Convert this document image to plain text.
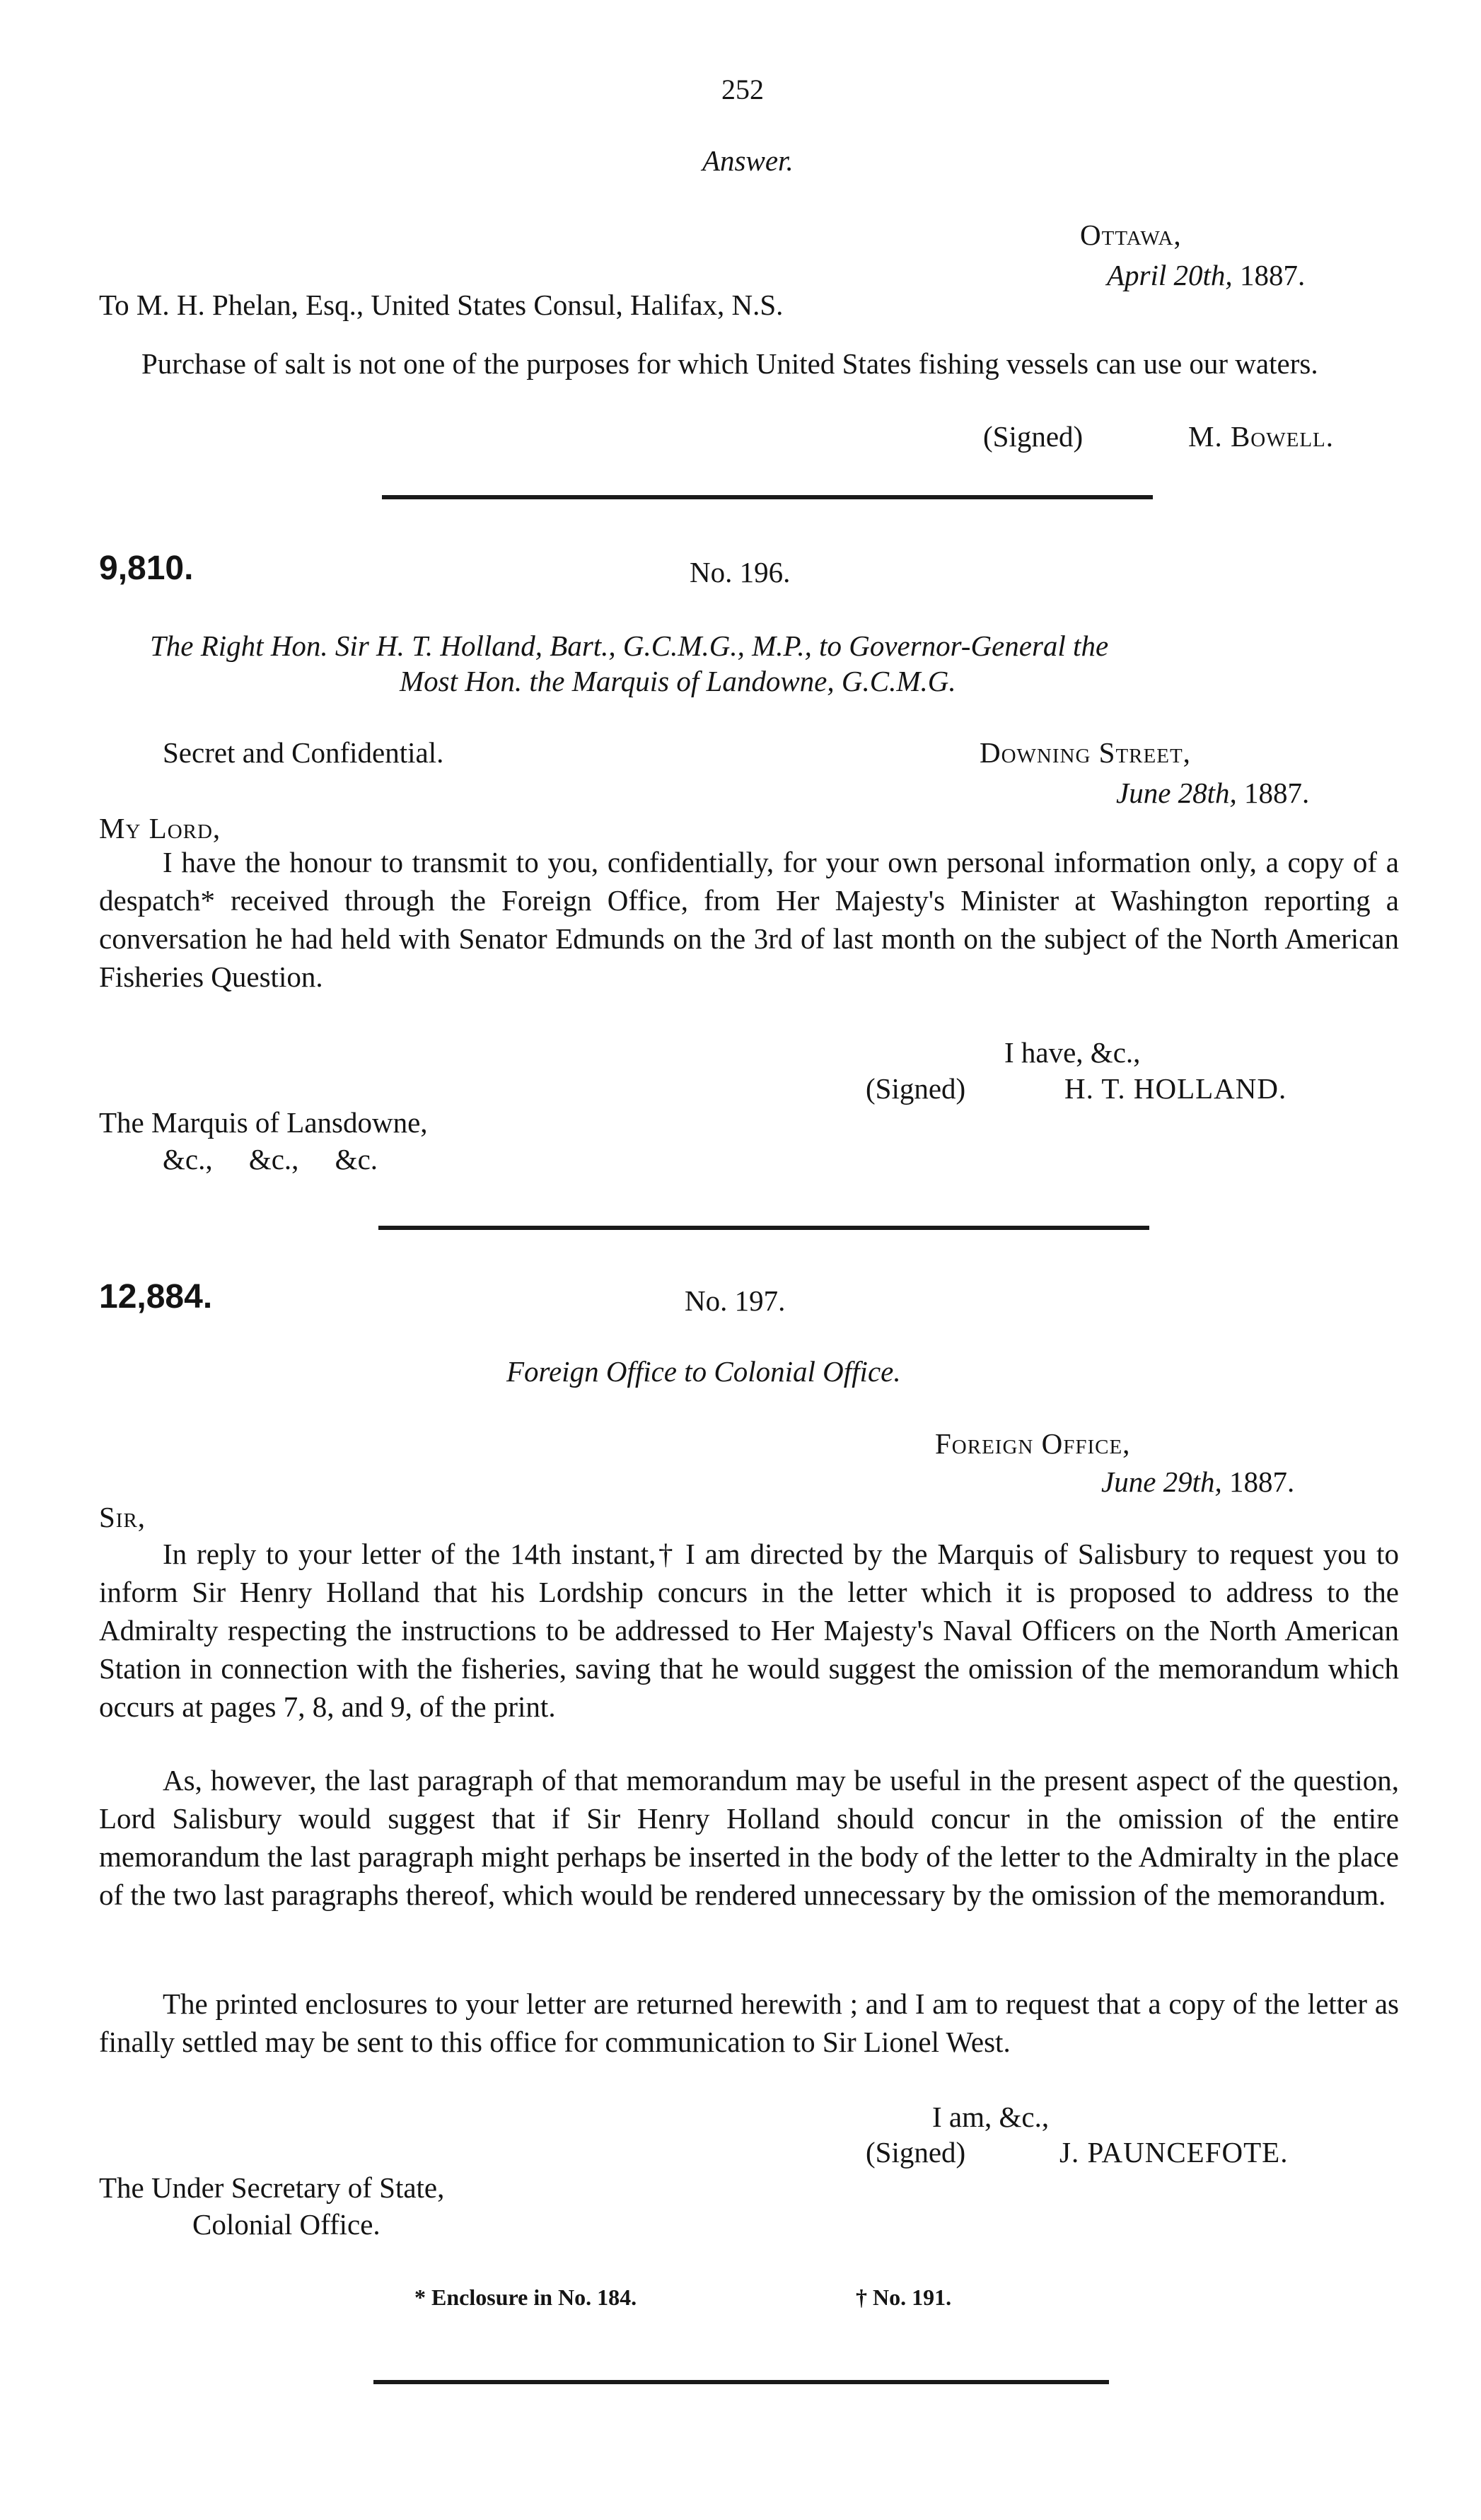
252
Answer.
Ottawa,
April 20th, 1887.
To M. H. Phelan, Esq., United States Consul, Halifax, N.S.
Purchase of salt is not one of the purposes for which United States fishing vessels can use our waters.
(Signed)	M. Bowell.
9,810.	No. 196.
The Right Hon. Sir H. T. Holland, Bart., G.C.M.G., M.P., to Governor-General the
Most Hon. the Marquis of Landowne, G.C.M.G.
Secret and Confidential.	Downing Street,
June 28th, 1887.
My Lord,
I have the honour to transmit to you, confidentially, for your own personal information only, a copy of a despatch* received through the Foreign Office, from Her Majesty's Minister at Washington reporting a conversation he had held with Senator Edmunds on the 3rd of last month on the subject of the North American Fisheries Question.
I have, &c.,
(Signed)	H. T. HOLLAND.
The Marquis of Lansdowne,
&c.,     &c.,     &c.
12,884.	No. 197.
Foreign Office to Colonial Office.
Foreign Office,
June 29th, 1887.
Sir,
In reply to your letter of the 14th instant,† I am directed by the Marquis of Salisbury to request you to inform Sir Henry Holland that his Lordship concurs in the letter which it is proposed to address to the Admiralty respecting the instructions to be addressed to Her Majesty's Naval Officers on the North American Station in connection with the fisheries, saving that he would suggest the omission of the memorandum which occurs at pages 7, 8, and 9, of the print.
As, however, the last paragraph of that memorandum may be useful in the present aspect of the question, Lord Salisbury would suggest that if Sir Henry Holland should concur in the omission of the entire memorandum the last paragraph might perhaps be inserted in the body of the letter to the Admiralty in the place of the two last paragraphs thereof, which would be rendered unnecessary by the omission of the memorandum.
The printed enclosures to your letter are returned herewith ; and I am to request that a copy of the letter as finally settled may be sent to this office for communication to Sir Lionel West.
I am, &c.,
(Signed)	J. PAUNCEFOTE.
The Under Secretary of State,
Colonial Office.
* Enclosure in No. 184.	† No. 191.
